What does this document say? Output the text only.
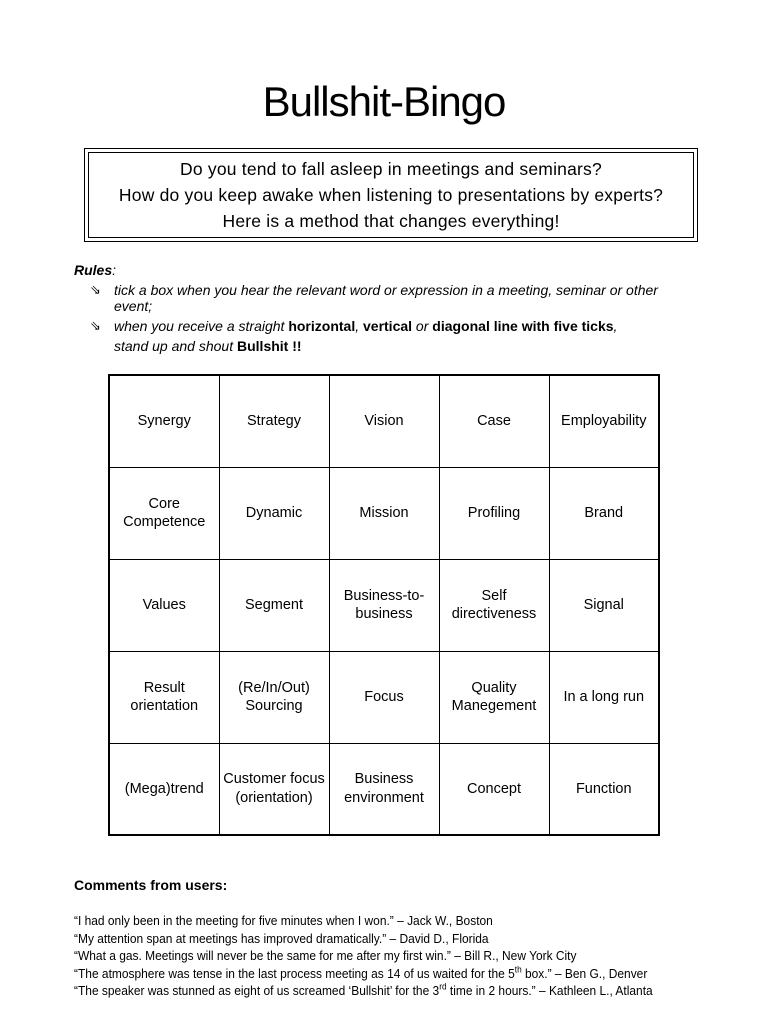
Bullshit-Bingo
Do you tend to fall asleep in meetings and seminars?
How do you keep awake when listening to presentations by experts?
Here is a method that changes everything!
Rules:
⇘ tick a box when you hear the relevant word or expression in a meeting, seminar or other event;
⇘ when you receive a straight horizontal, vertical or diagonal line with five ticks,
stand up and shout Bullshit !!
Synergy	Strategy	Vision	Case	Employability
Core Competence	Dynamic	Mission	Profiling	Brand
Values	Segment	Business-to-business	Self directiveness	Signal
Result orientation	(Re/In/Out) Sourcing	Focus	Quality Manegement	In a long run
(Mega)trend	Customer focus (orientation)	Business environment	Concept	Function
Comments from users:
“I had only been in the meeting for five minutes when I won.” – Jack W., Boston
“My attention span at meetings has improved dramatically.” – David D., Florida
“What a gas. Meetings will never be the same for me after my first win.” – Bill R., New York City
“The atmosphere was tense in the last process meeting as 14 of us waited for the 5th box.” – Ben G., Denver
“The speaker was stunned as eight of us screamed ‘Bullshit’ for the 3rd time in 2 hours.” – Kathleen L., Atlanta
